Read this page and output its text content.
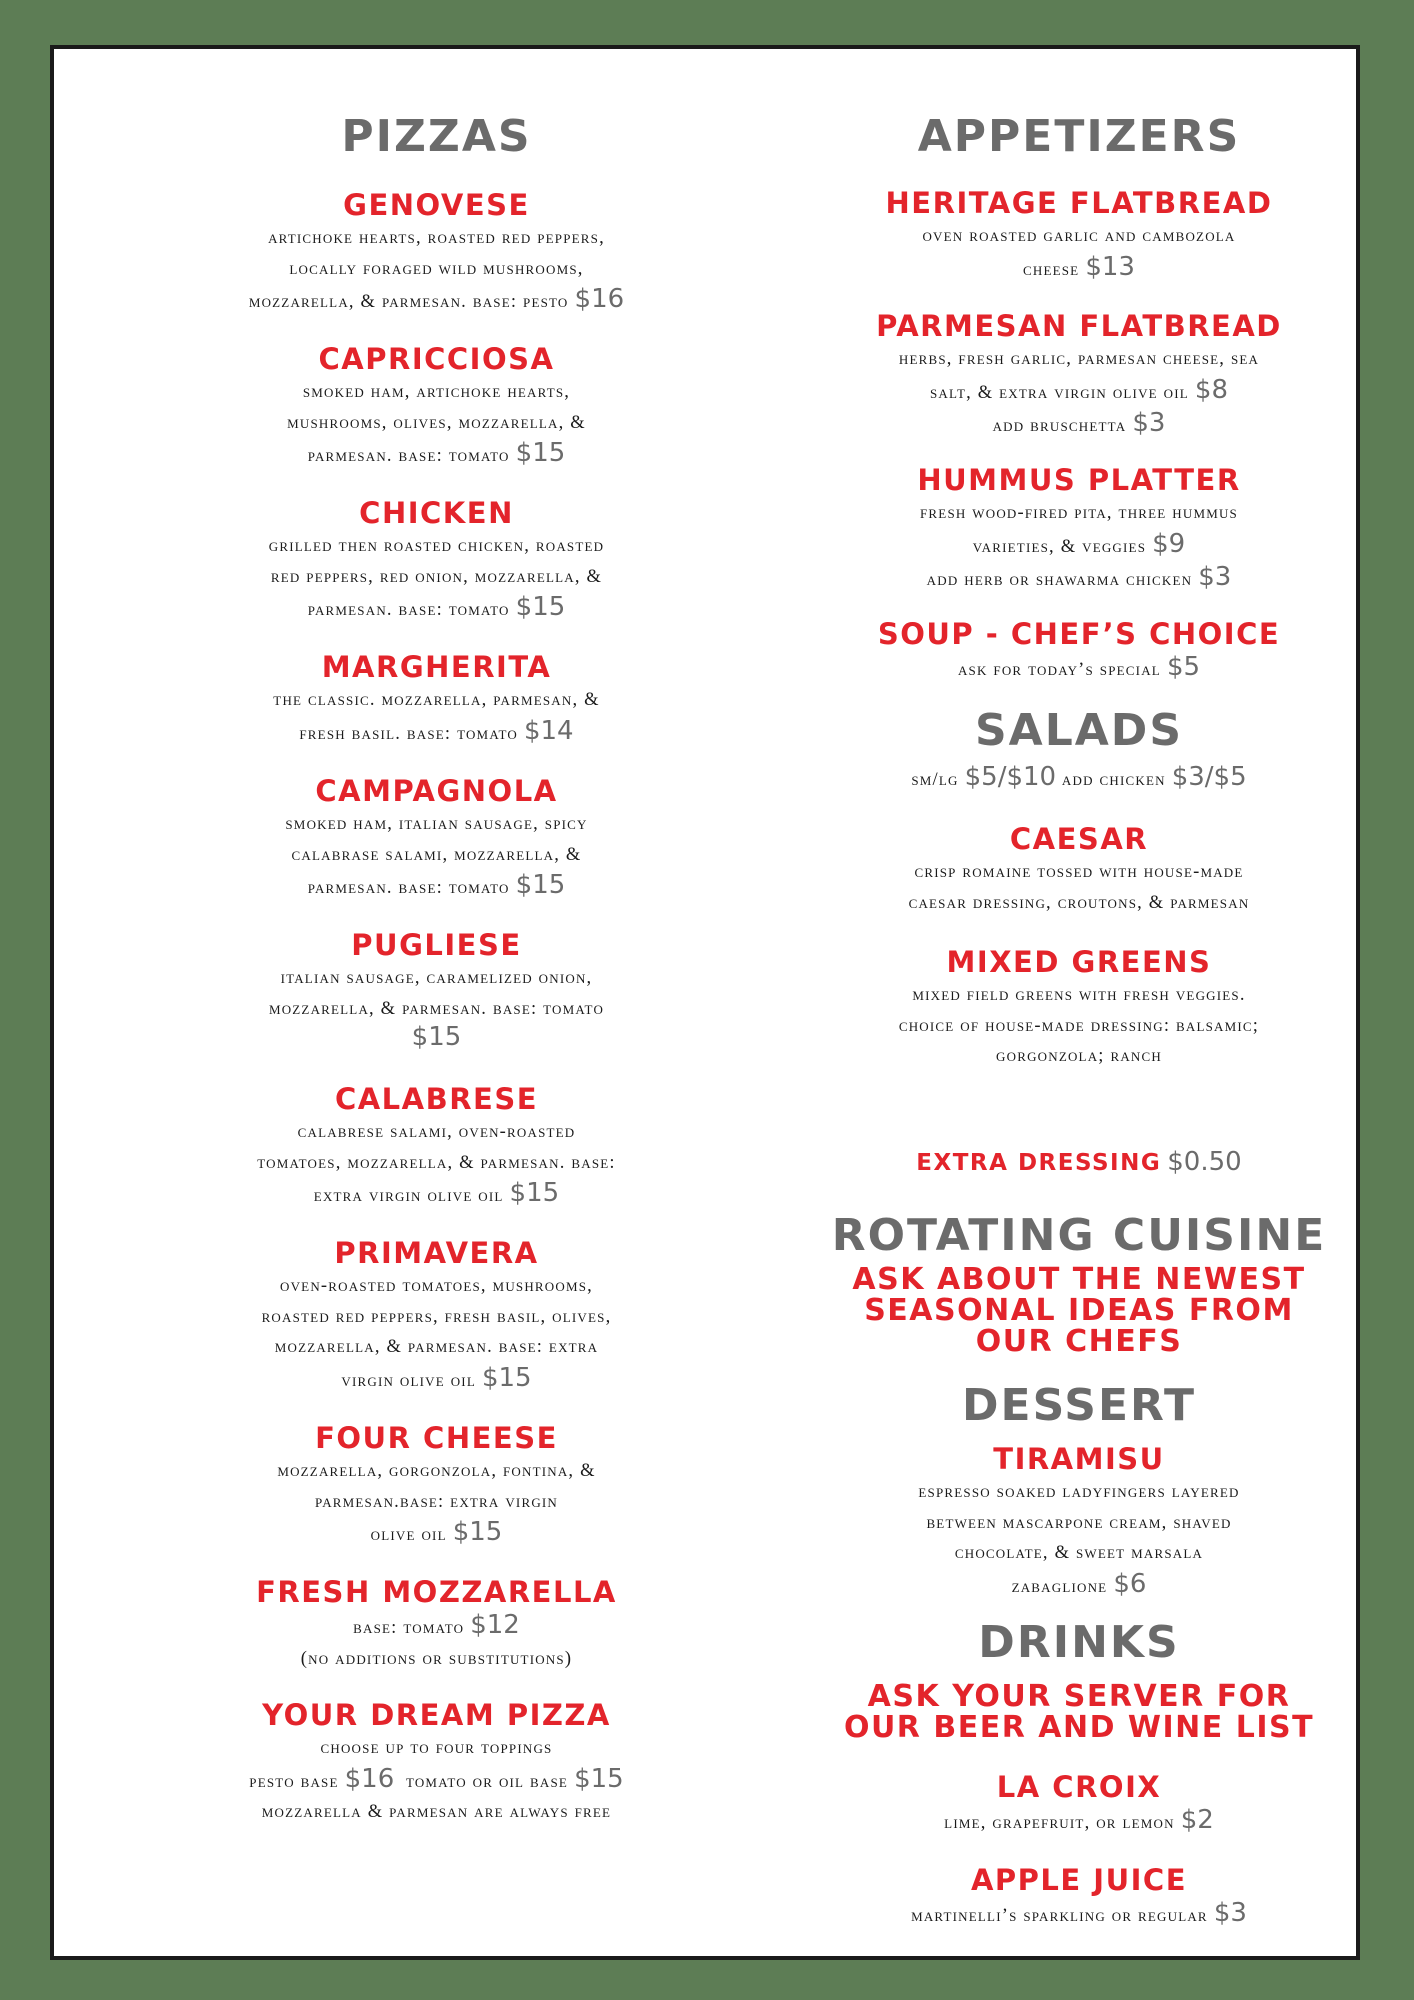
PIZZAS
GENOVESE
artichoke hearts, roasted red peppers,
locally foraged wild mushrooms,
mozzarella, & parmesan. base: pesto $16
CAPRICCIOSA
smoked ham, artichoke hearts,
mushrooms, olives, mozzarella, &
parmesan. base: tomato $15
CHICKEN
grilled then roasted chicken, roasted
red peppers, red onion, mozzarella, &
parmesan. base: tomato $15
MARGHERITA
the classic. mozzarella, parmesan, &
fresh basil. base: tomato $14
CAMPAGNOLA
smoked ham, italian sausage, spicy
calabrase salami, mozzarella, &
parmesan. base: tomato $15
PUGLIESE
italian sausage, caramelized onion,
mozzarella, & parmesan. base: tomato
$15
CALABRESE
calabrese salami, oven-roasted
tomatoes, mozzarella, & parmesan. base:
extra virgin olive oil $15
PRIMAVERA
oven-roasted tomatoes, mushrooms,
roasted red peppers, fresh basil, olives,
mozzarella, & parmesan. base: extra
virgin olive oil $15
FOUR CHEESE
mozzarella, gorgonzola, fontina, &
parmesan.base: extra virgin
olive oil $15
FRESH MOZZARELLA
base: tomato $12
(no additions or substitutions)
YOUR DREAM PIZZA
choose up to four toppings
pesto base $16 tomato or oil base $15
mozzarella & parmesan are always free
APPETIZERS
HERITAGE FLATBREAD
oven roasted garlic and cambozola
cheese $13
PARMESAN FLATBREAD
herbs, fresh garlic, parmesan cheese, sea
salt, & extra virgin olive oil $8
add bruschetta $3
HUMMUS PLATTER
fresh wood-fired pita, three hummus
varieties, & veggies $9
add herb or shawarma chicken $3
SOUP - CHEF’S CHOICE
ask for today’s special $5
SALADS
sm/lg $5/$10 add chicken $3/$5
CAESAR
crisp romaine tossed with house-made
caesar dressing, croutons, & parmesan
MIXED GREENS
mixed field greens with fresh veggies.
choice of house-made dressing: balsamic;
gorgonzola; ranch
EXTRA DRESSING $0.50
ROTATING CUISINE
ASK ABOUT THE NEWEST
SEASONAL IDEAS FROM
OUR CHEFS
DESSERT
TIRAMISU
espresso soaked ladyfingers layered
between mascarpone cream, shaved
chocolate, & sweet marsala
zabaglione $6
DRINKS
ASK YOUR SERVER FOR
OUR BEER AND WINE LIST
LA CROIX
lime, grapefruit, or lemon $2
APPLE JUICE
martinelli’s sparkling or regular $3
